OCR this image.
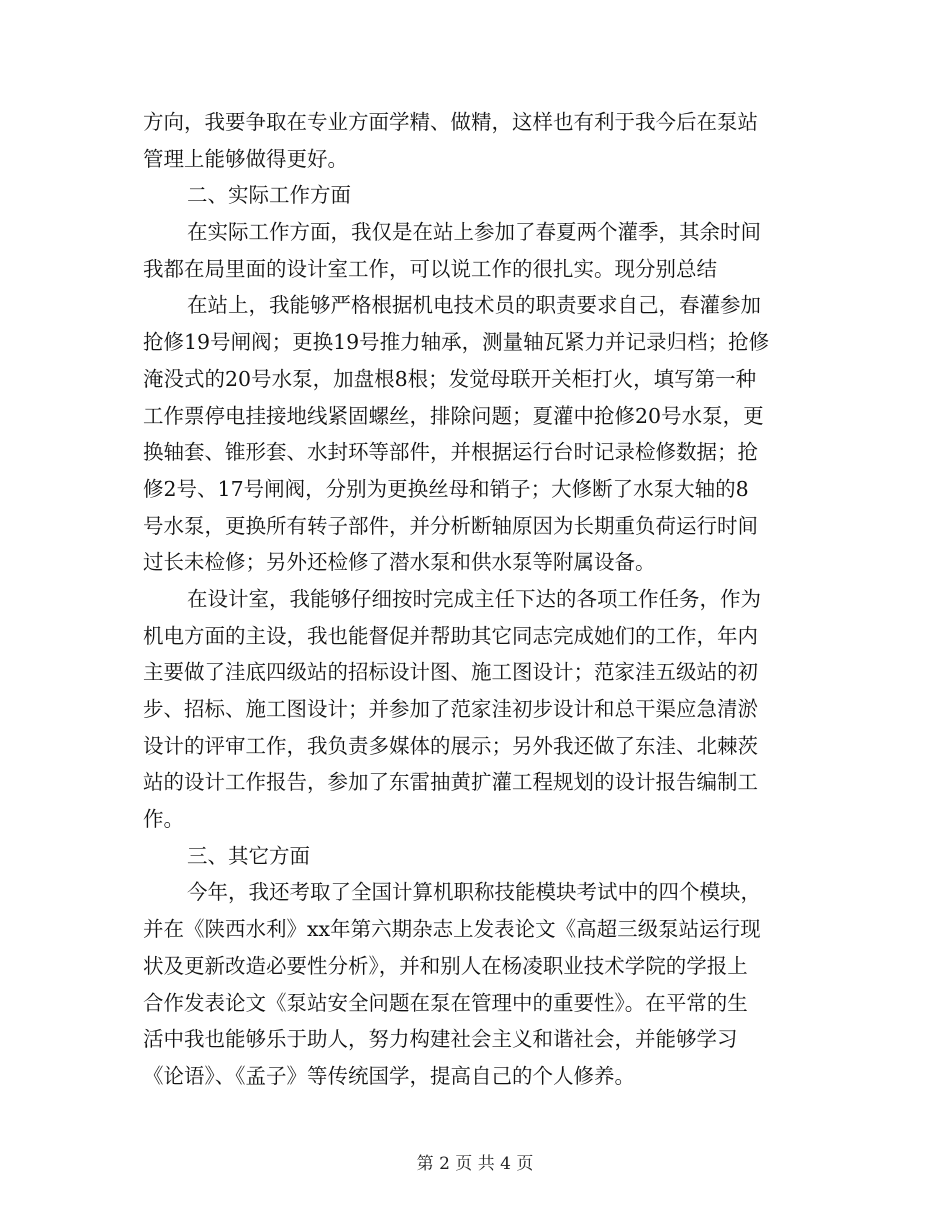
方向，我要争取在专业方面学精、做精，这样也有利于我今后在泵站
管理上能够做得更好。
二、实际工作方面
在实际工作方面，我仅是在站上参加了春夏两个灌季，其余时间
我都在局里面的设计室工作，可以说工作的很扎实。现分别总结
在站上，我能够严格根据机电技术员的职责要求自己，春灌参加
抢修19号闸阀；更换19号推力轴承，测量轴瓦紧力并记录归档；抢修
淹没式的20号水泵，加盘根8根；发觉母联开关柜打火，填写第一种
工作票停电挂接地线紧固螺丝，排除问题；夏灌中抢修20号水泵，更
换轴套、锥形套、水封环等部件，并根据运行台时记录检修数据；抢
修2号、17号闸阀，分别为更换丝母和销子；大修断了水泵大轴的8
号水泵，更换所有转子部件，并分析断轴原因为长期重负荷运行时间
过长未检修；另外还检修了潜水泵和供水泵等附属设备。
在设计室，我能够仔细按时完成主任下达的各项工作任务，作为
机电方面的主设，我也能督促并帮助其它同志完成她们的工作，年内
主要做了洼底四级站的招标设计图、施工图设计；范家洼五级站的初
步、招标、施工图设计；并参加了范家洼初步设计和总干渠应急清淤
设计的评审工作，我负责多媒体的展示；另外我还做了东洼、北棘茨
站的设计工作报告，参加了东雷抽黄扩灌工程规划的设计报告编制工
作。
三、其它方面
今年，我还考取了全国计算机职称技能模块考试中的四个模块，
并在《陕西水利》xx年第六期杂志上发表论文《高超三级泵站运行现
状及更新改造必要性分析》，并和别人在杨凌职业技术学院的学报上
合作发表论文《泵站安全问题在泵在管理中的重要性》。在平常的生
活中我也能够乐于助人，努力构建社会主义和谐社会，并能够学习
《论语》、《孟子》等传统国学，提高自己的个人修养。
第 2 页 共 4 页
